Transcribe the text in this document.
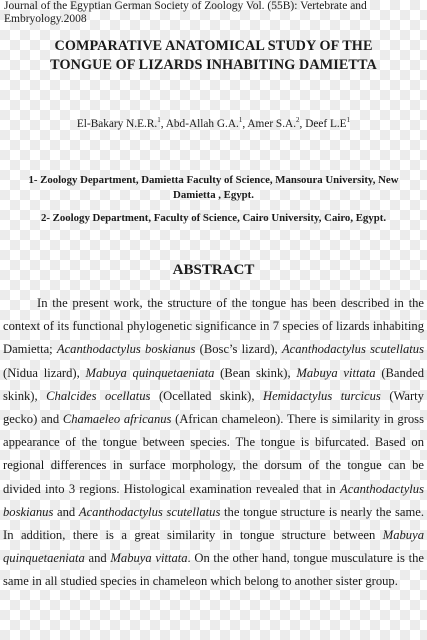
Journal of the Egyptian German Society of Zoology Vol. (55B): Vertebrate and
Embryology.2008
COMPARATIVE ANATOMICAL STUDY OF THE
TONGUE OF LIZARDS INHABITING DAMIETTA
El-Bakary N.E.R.$^1$, Abd-Allah G.A.$^1$, Amer S.A.$^2$, Deef $L.E^1$
1- Zoology Department, Damietta Faculty of Science, Mansoura University, New
Damietta , Egypt.
2- Zoology Department, Faculty of Science, Cairo University, Cairo, Egypt.
ABSTRACT

In the present work, the structure of the tongue has been described in the context of its functional phylogenetic significance in 7 species of lizards inhabiting Damietta; Acanthodactylus boskianus (Bosc’s lizard), Acanthodactylus scutellatus (Nidua lizard), Mabuya quinquetaeniata (Bean skink), Mabuya vittata (Banded skink), Chalcides ocellatus (Ocellated skink), Hemidactylus turcicus (Warty gecko) and Chamaeleo africanus (African chameleon). There is similarity in gross appearance of the tongue between species. The tongue is bifurcated. Based on regional differences in surface morphology, the dorsum of the tongue can be divided into 3 regions. Histological examination revealed that in Acanthodactylus boskianus and Acanthodactylus scutellatus the tongue structure is nearly the same. In addition, there is a great similarity in tongue structure between Mabuya quinquetaeniata and Mabuya vittata. On the other hand, tongue musculature is the same in all studied species in chameleon which belong to another sister group.
